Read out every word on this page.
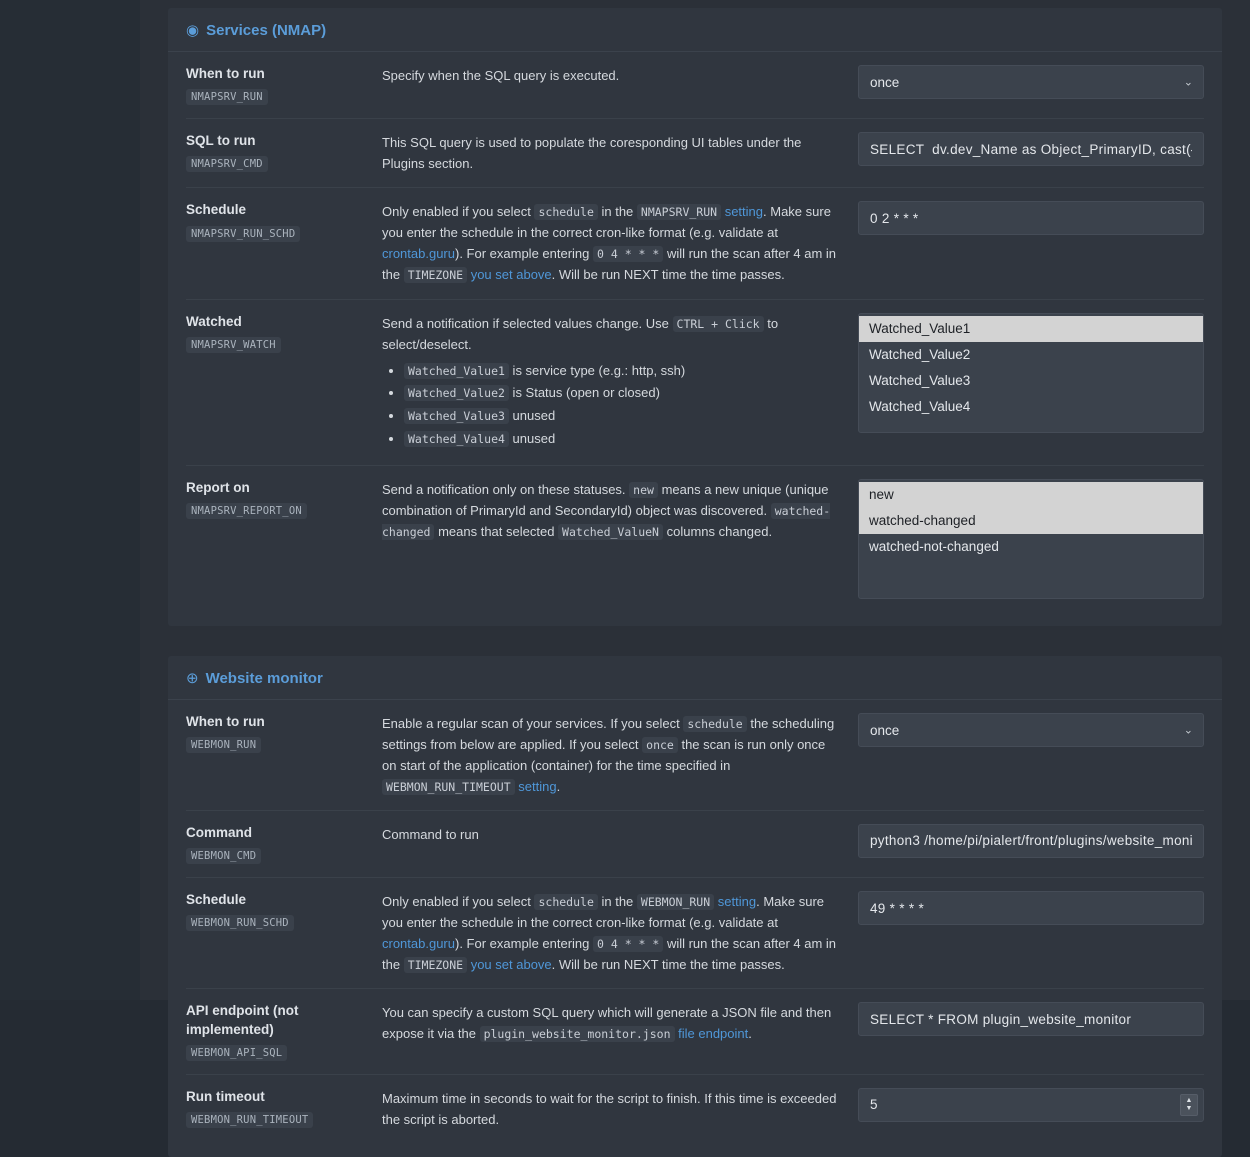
◉ Services (NMAP)
When to run
NMAPSRV_RUN
Specify when the SQL query is executed.
once	⌄
SQL to run
NMAPSRV_CMD
This SQL query is used to populate the coresponding UI tables under the Plugins section.
SELECT dv.dev_Name as Object_PrimaryID, cast({s-quo
Schedule
NMAPSRV_RUN_SCHD
Only enabled if you select schedule in the NMAPSRV_RUN setting. Make sure you enter the schedule in the correct cron-like format (e.g. validate at crontab.guru). For example entering 0 4 * * * will run the scan after 4 am in the TIMEZONE you set above. Will be run NEXT time the time passes.
0 2 * * *
Watched
NMAPSRV_WATCH
Send a notification if selected values change. Use CTRL + Click to select/deselect.
• Watched_Value1 is service type (e.g.: http, ssh)
• Watched_Value2 is Status (open or closed)
• Watched_Value3 unused
• Watched_Value4 unused
Watched_Value1
Watched_Value2
Watched_Value3
Watched_Value4
Report on
NMAPSRV_REPORT_ON
Send a notification only on these statuses. new means a new unique (unique combination of PrimaryId and SecondaryId) object was discovered. watched-changed means that selected Watched_ValueN columns changed.
new
watched-changed
watched-not-changed
⊕ Website monitor
When to run
WEBMON_RUN
Enable a regular scan of your services. If you select schedule the scheduling settings from below are applied. If you select once the scan is run only once on start of the application (container) for the time specified in WEBMON_RUN_TIMEOUT setting.
once
⌄
Command
WEBMON_CMD
Command to run
python3 /home/pi/pialert/front/plugins/website_monit
Schedule
WEBMON_RUN_SCHD
Only enabled if you select schedule in the WEBMON_RUN setting. Make sure you enter the schedule in the correct cron-like format (e.g. validate at crontab.guru). For example entering 0 4 * * * will run the scan after 4 am in the TIMEZONE you set above. Will be run NEXT time the time passes.
49 * * * *
API endpoint (not implemented)
WEBMON_API_SQL
You can specify a custom SQL query which will generate a JSON file and then expose it via the plugin_website_monitor.json file endpoint.
SELECT * FROM plugin_website_monitor
Run timeout
WEBMON_RUN_TIMEOUT
Maximum time in seconds to wait for the script to finish. If this time is exceeded the script is aborted.
5
▲
▼
